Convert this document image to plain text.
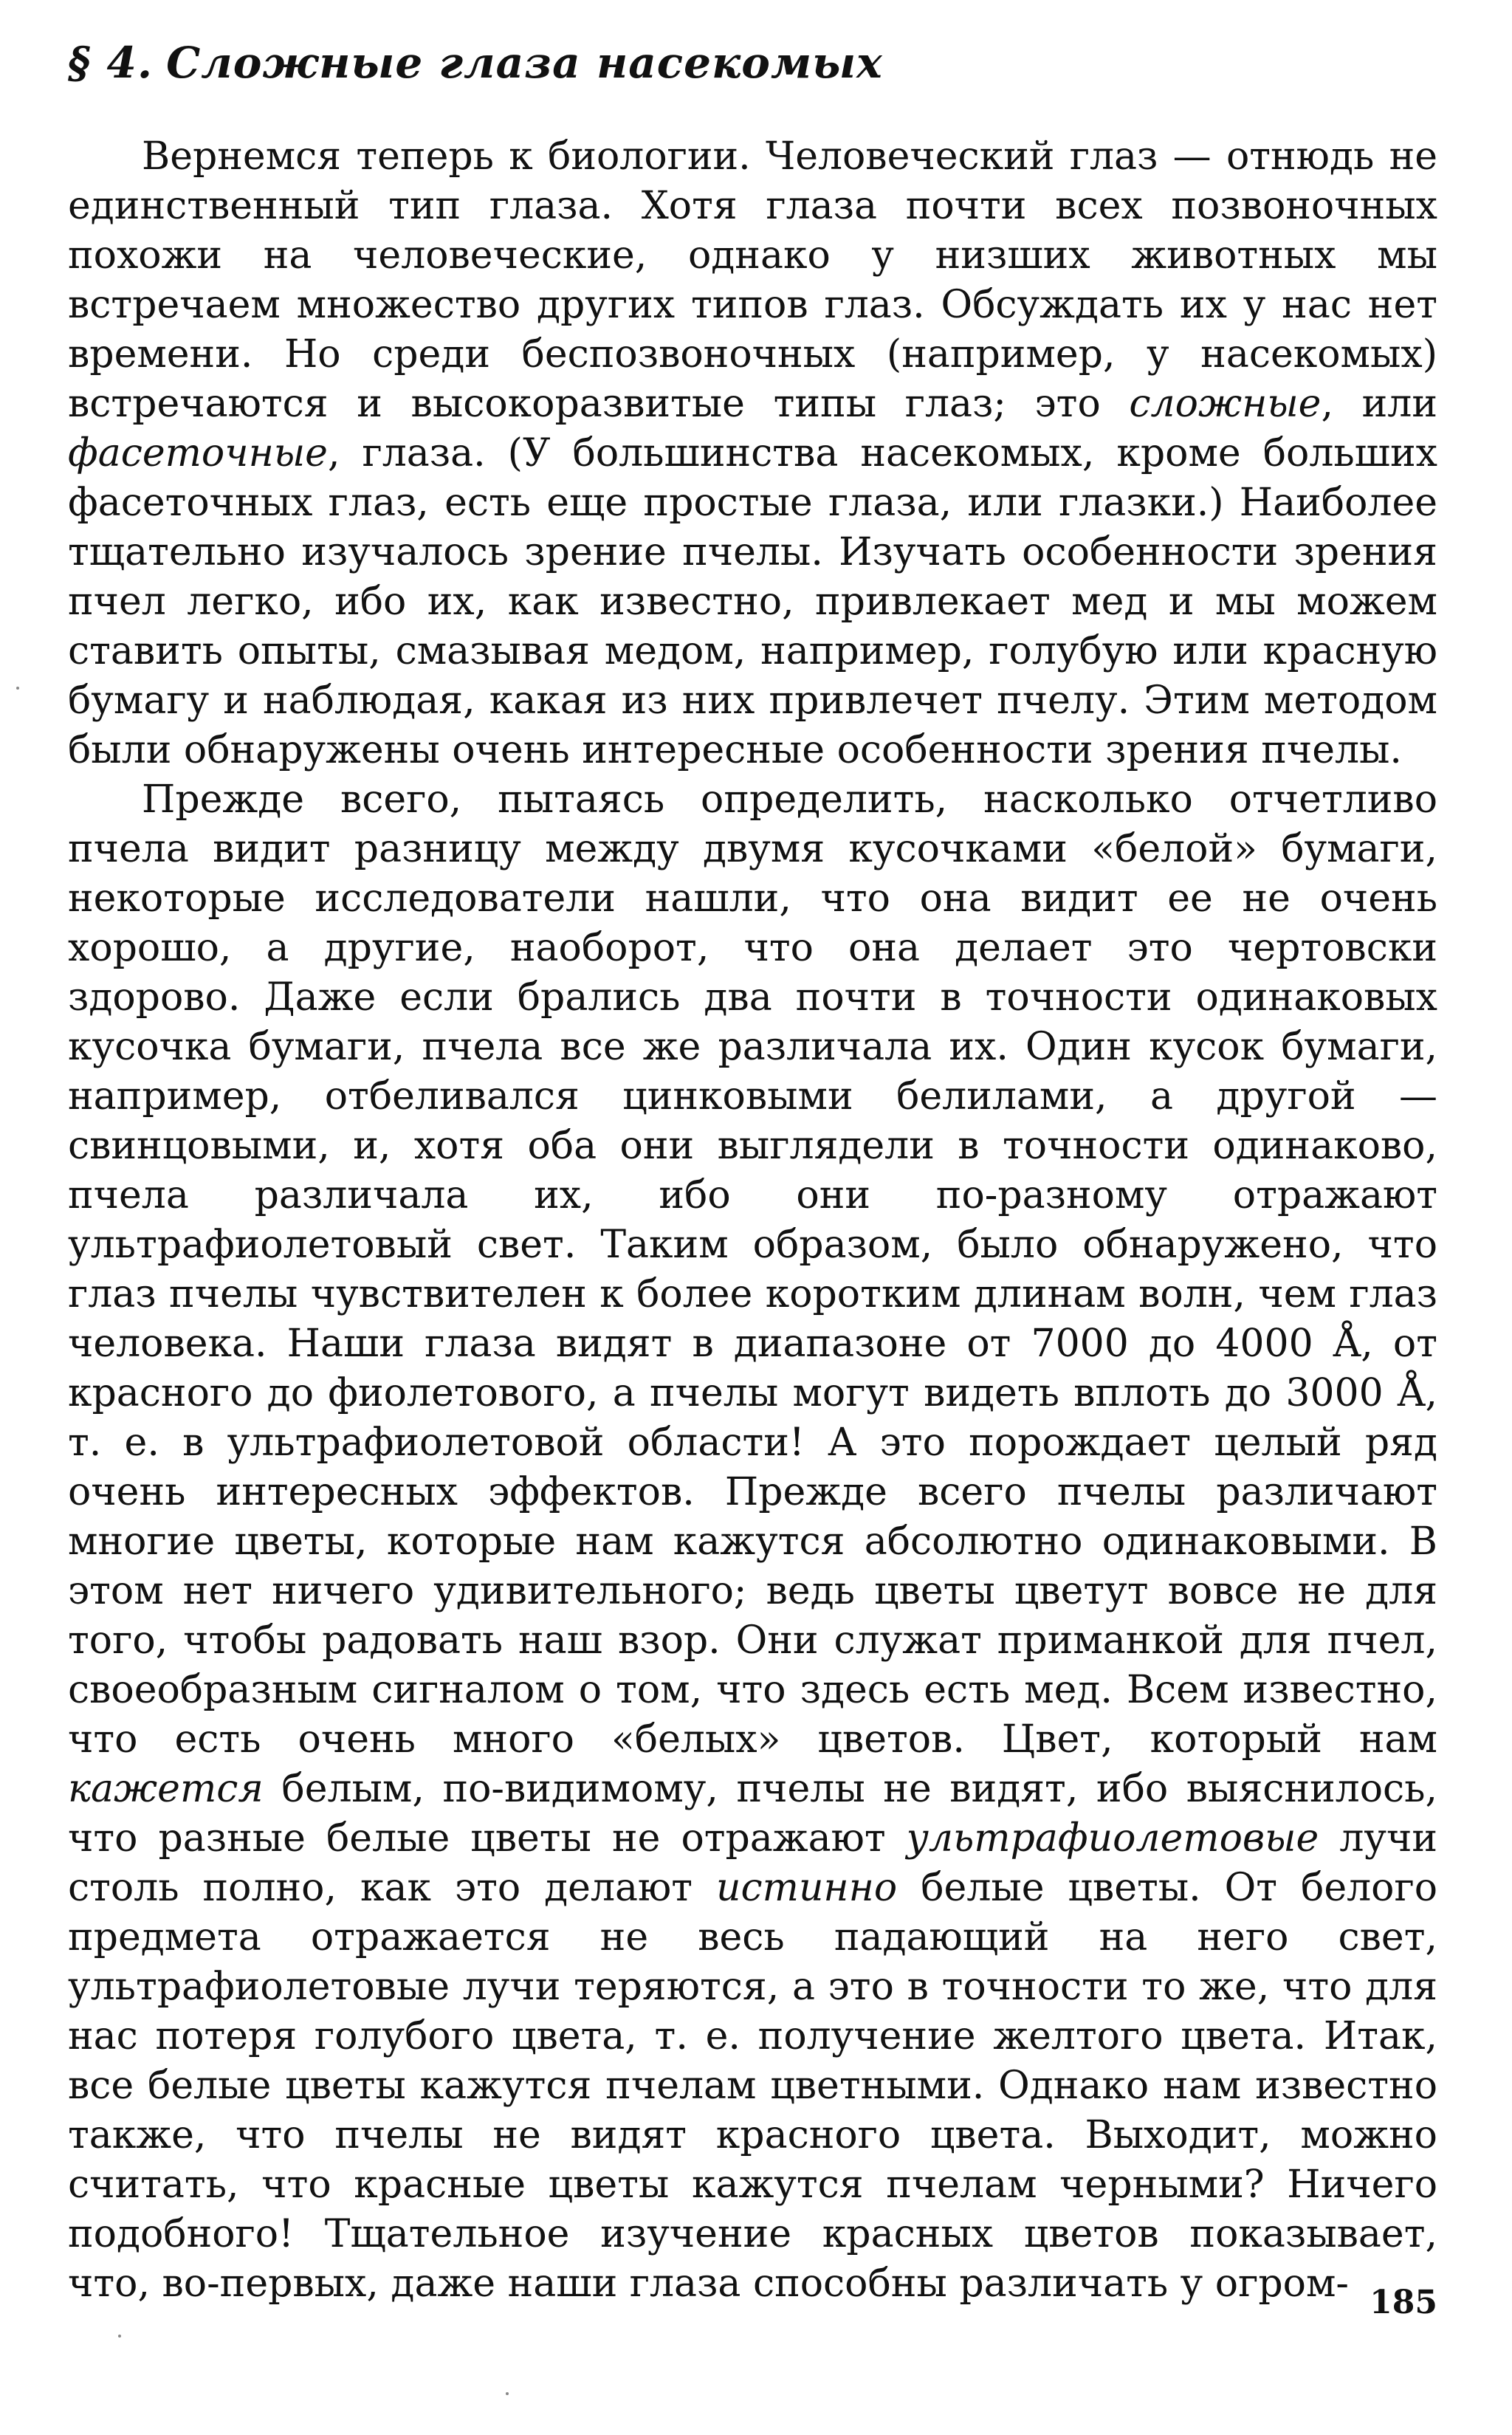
§ 4. Сложные глаза насекомых

Вернемся теперь к биологии. Человеческий глаз — отнюдь не единственный тип глаза. Хотя глаза почти всех позвоночных похожи на человеческие, однако у низших животных мы встречаем множество других типов глаз. Обсуждать их у нас нет времени. Но среди беспозвоночных (например, у насекомых) встречаются и высокоразвитые типы глаз; это сложные, или фасеточные, глаза. (У большинства насекомых, кроме больших фасеточных глаз, есть еще простые глаза, или глазки.) Наиболее тщательно изучалось зрение пчелы. Изучать особенности зрения пчел легко, ибо их, как известно, привлекает мед и мы можем ставить опыты, смазывая медом, например, голубую или красную бумагу и наблюдая, какая из них привлечет пчелу. Этим методом были обнаружены очень интересные особенности зрения пчелы.

Прежде всего, пытаясь определить, насколько отчетливо пчела видит разницу между двумя кусочками «белой» бумаги, некоторые исследователи нашли, что она видит ее не очень хорошо, а другие, наоборот, что она делает это чертовски здорово. Даже если брались два почти в точности одинаковых кусочка бумаги, пчела все же различала их. Один кусок бумаги, например, отбеливался цинковыми белилами, а другой — свинцовыми, и, хотя оба они выглядели в точности одинаково, пчела различала их, ибо они по-разному отражают ультрафиолетовый свет. Таким образом, было обнаружено, что глаз пчелы чувствителен к более коротким длинам волн, чем глаз человека. Наши глаза видят в диапазоне от 7000 до 4000 Å, от красного до фиолетового, а пчелы могут видеть вплоть до 3000 Å, т. е. в ультрафиолетовой области! А это порождает целый ряд очень интересных эффектов. Прежде всего пчелы различают многие цветы, которые нам кажутся абсолютно одинаковыми. В этом нет ничего удивительного; ведь цветы цветут вовсе не для того, чтобы радовать наш взор. Они служат приманкой для пчел, своеобразным сигналом о том, что здесь есть мед. Всем известно, что есть очень много «белых» цветов. Цвет, который нам кажется белым, по-видимому, пчелы не видят, ибо выяснилось, что разные белые цветы не отражают ультрафиолетовые лучи столь полно, как это делают истинно белые цветы. От белого предмета отражается не весь падающий на него свет, ультрафиолетовые лучи теряются, а это в точности то же, что для нас потеря голубого цвета, т. е. получение желтого цвета. Итак, все белые цветы кажутся пчелам цветными. Однако нам известно также, что пчелы не видят красного цвета. Выходит, можно считать, что красные цветы кажутся пчелам черными? Ничего подобного! Тщательное изучение красных цветов показывает, что, во-первых, даже наши глаза способны различать у огром- 185
